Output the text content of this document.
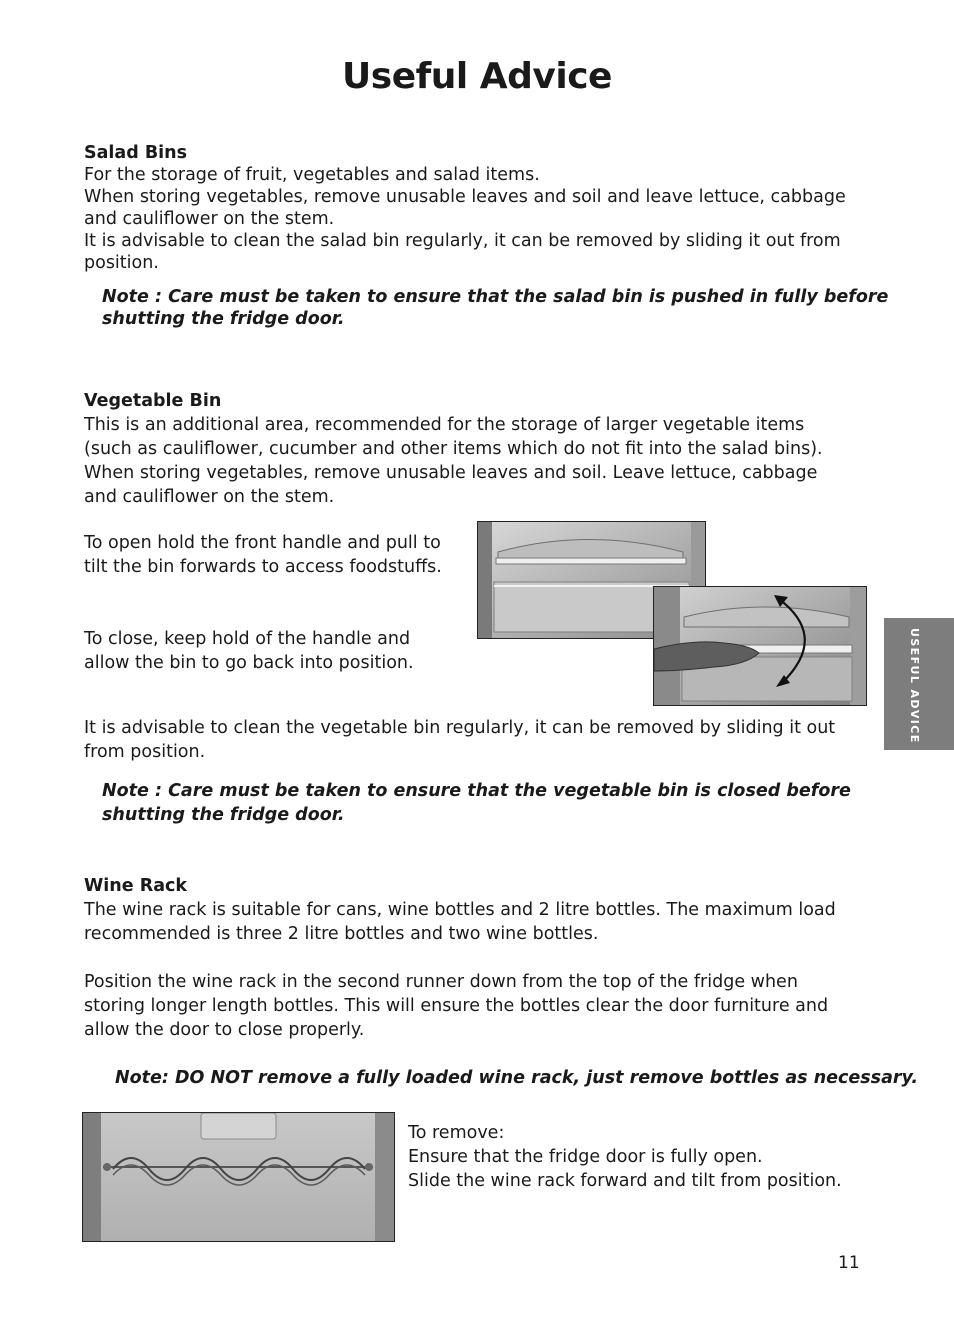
Useful Advice
Salad Bins

For the storage of fruit, vegetables and salad items.

When storing vegetables, remove unusable leaves and soil and leave lettuce, cabbage

and cauliflower on the stem.

It is advisable to clean the salad bin regularly, it can be removed by sliding it out from

position.

Note : Care must be taken to ensure that the salad bin is pushed in fully before
shutting the fridge door.
Vegetable Bin

This is an additional area, recommended for the storage of larger vegetable items

(such as cauliflower, cucumber and other items which do not fit into the salad bins).

When storing vegetables, remove unusable leaves and soil. Leave lettuce, cabbage

and cauliflower on the stem.

To open hold the front handle and pull to

tilt the bin forwards to access foodstuffs.

To close, keep hold of the handle and

allow the bin to go back into position.

It is advisable to clean the vegetable bin regularly, it can be removed by sliding it out

from position.

Note : Care must be taken to ensure that the vegetable bin is closed before
shutting the fridge door.
Wine Rack

The wine rack is suitable for cans, wine bottles and 2 litre bottles. The maximum load

recommended is three 2 litre bottles and two wine bottles.

Position the wine rack in the second runner down from the top of the fridge when

storing longer length bottles. This will ensure the bottles clear the door furniture and

allow the door to close properly.

Note: DO NOT remove a fully loaded wine rack, just remove bottles as necessary.

To remove:

Ensure that the fridge door is fully open.

Slide the wine rack forward and tilt from position.

USEFUL ADVICE
11
